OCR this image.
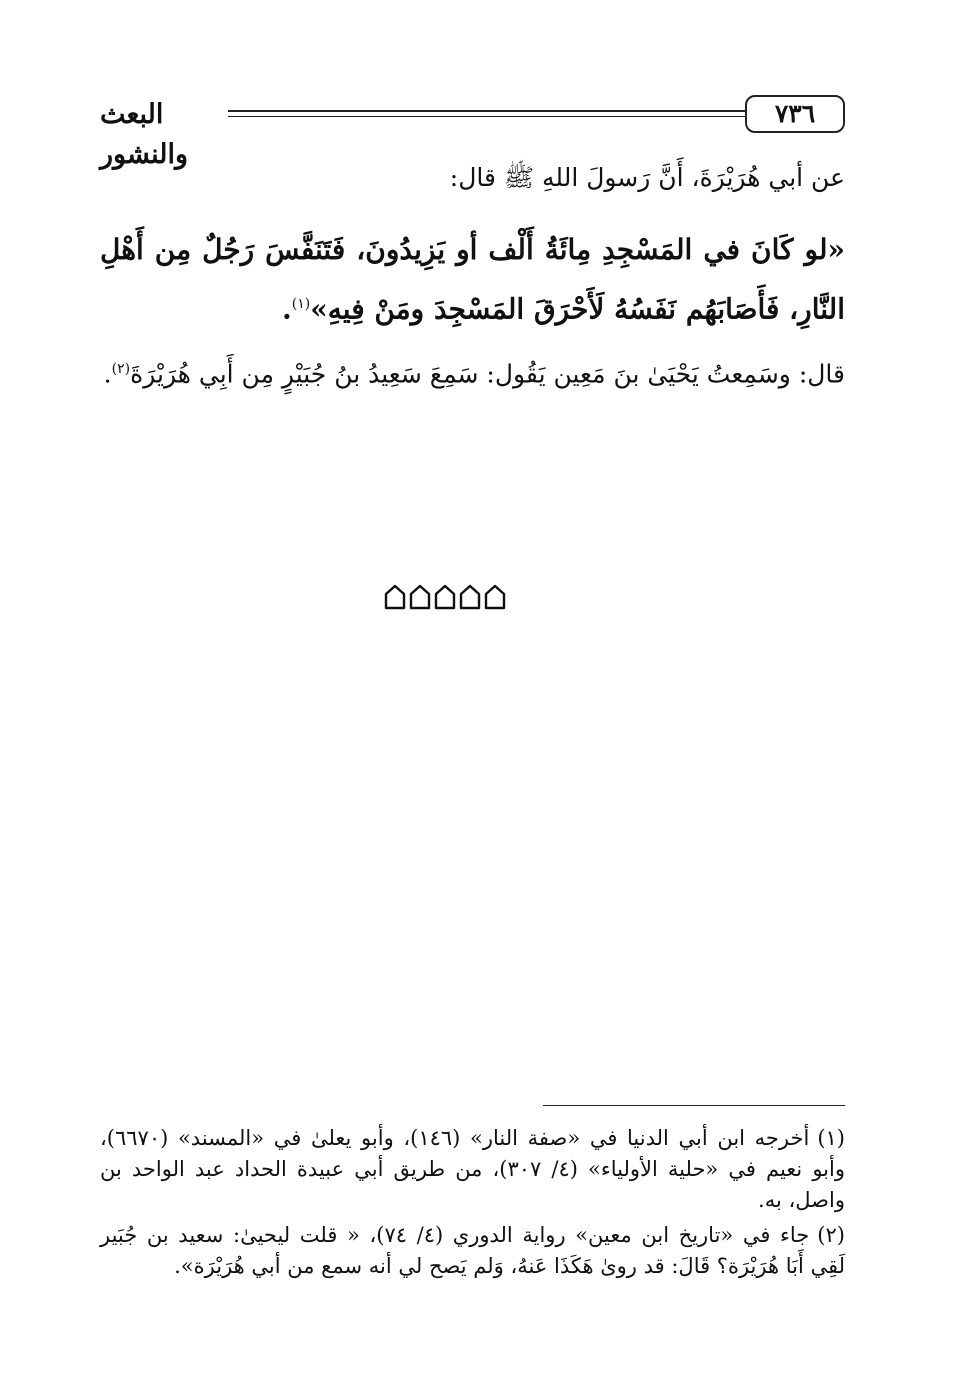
البعث والنشور
٧٣٦

عن أبي هُرَيْرَةَ، أَنَّ رَسولَ اللهِ ﷺ قال:

«لو كَانَ في المَسْجِدِ مِائَةُ أَلْف أو يَزِيدُونَ، فَتَنَفَّسَ رَجُلٌ مِن أَهْلِ النَّارِ، فَأَصَابَهُم نَفَسُهُ لَأَحْرَقَ المَسْجِدَ ومَنْ فِيهِ»$^{(١)}$.

قال: وسَمِعتُ يَحْيَىٰ بنَ مَعِين يَقُول: سَمِعَ سَعِيدُ بنُ جُبَيْرٍ مِن أَبِي هُرَيْرَةَ$^{(٢)}$.

(١)أخرجه ابن أبي الدنيا في «صفة النار» (١٤٦)، وأبو يعلىٰ في «المسند» (٦٦٧٠)، وأبو نعيم في «حلية الأولياء» (٤/ ٣٠٧)، من طريق أبي عبيدة الحداد عبد الواحد بن واصل، به.

(٢)جاء في «تاريخ ابن معين» رواية الدوري (٤/ ٧٤)، « قلت ليحيىٰ: سعيد بن جُبَير لَقِي أَبَا هُرَيْرَة؟ قَالَ: قد روىٰ هَكَذَا عَنهُ، وَلم يَصح لي أنه سمع من أبي هُرَيْرَة».
